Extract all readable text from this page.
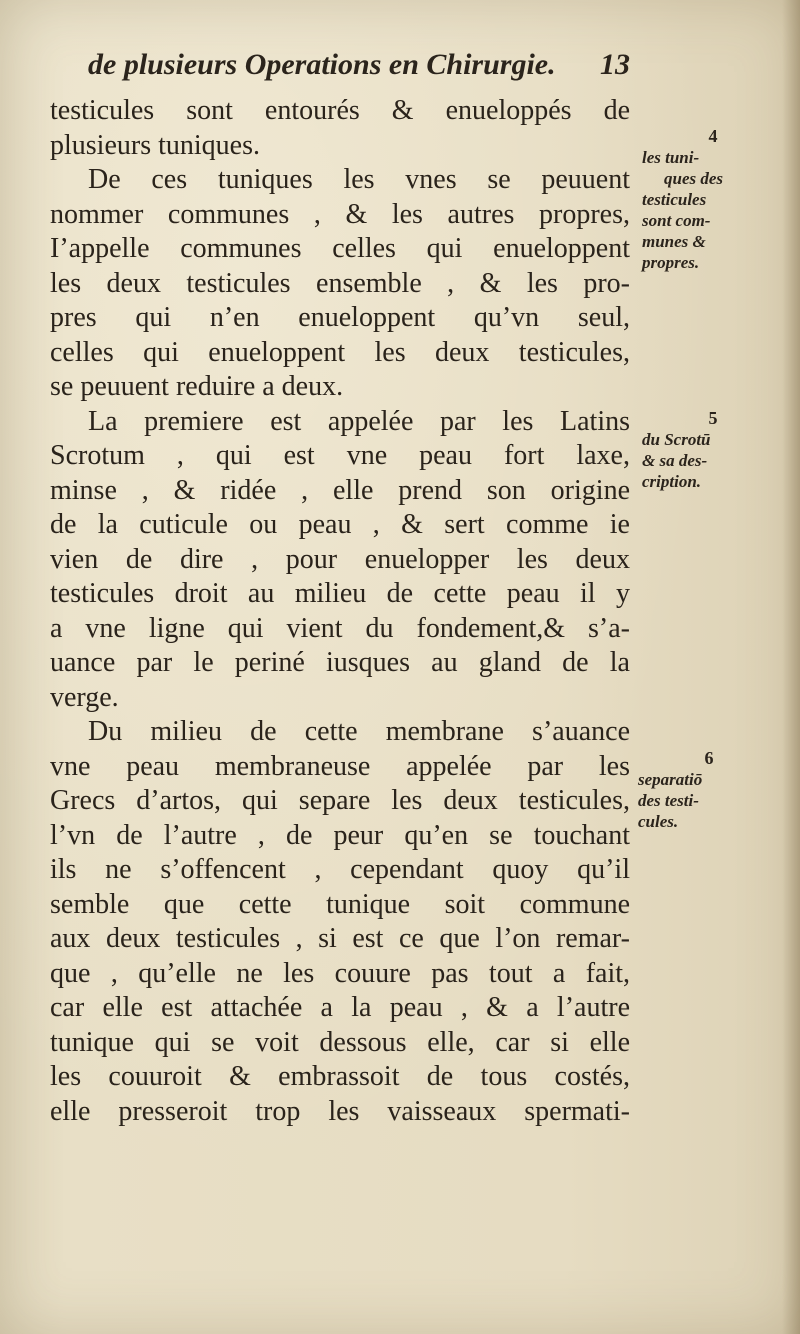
de plusieurs Operations en Chirurgie. 13
testicules sont entourés & enueloppés de
plusieurs tuniques.
De ces tuniques les vnes se peuuent
nommer communes , & les autres propres,
I’appelle communes celles qui enueloppent
les deux testicules ensemble , & les pro-
pres qui n’en enueloppent qu’vn seul,
celles qui enueloppent les deux testicules,
se peuuent reduire a deux.
La premiere est appelée par les Latins
Scrotum , qui est vne peau fort laxe,
minse , & ridée , elle prend son origine
de la cuticule ou peau , & sert comme ie
vien de dire , pour enuelopper les deux
testicules droit au milieu de cette peau il y
a vne ligne qui vient du fondement,& s’a-
uance par le periné iusques au gland de la
verge.
Du milieu de cette membrane s’auance
vne peau membraneuse appelée par les
Grecs d’artos, qui separe les deux testicules,
l’vn de l’autre , de peur qu’en se touchant
ils ne s’offencent , cependant quoy qu’il
semble que cette tunique soit commune
aux deux testicules , si est ce que l’on remar-
que , qu’elle ne les couure pas tout a fait,
car elle est attachée a la peau , & a l’autre
tunique qui se voit dessous elle, car si elle
les couuroit & embrassoit de tous costés,
elle presseroit trop les vaisseaux spermati-
4
les tuni-
ques des
testicules
sont com-
munes &
propres.
5
du Scrotū
& sa des-
cription.
6
separatiō
des testi-
cules.
